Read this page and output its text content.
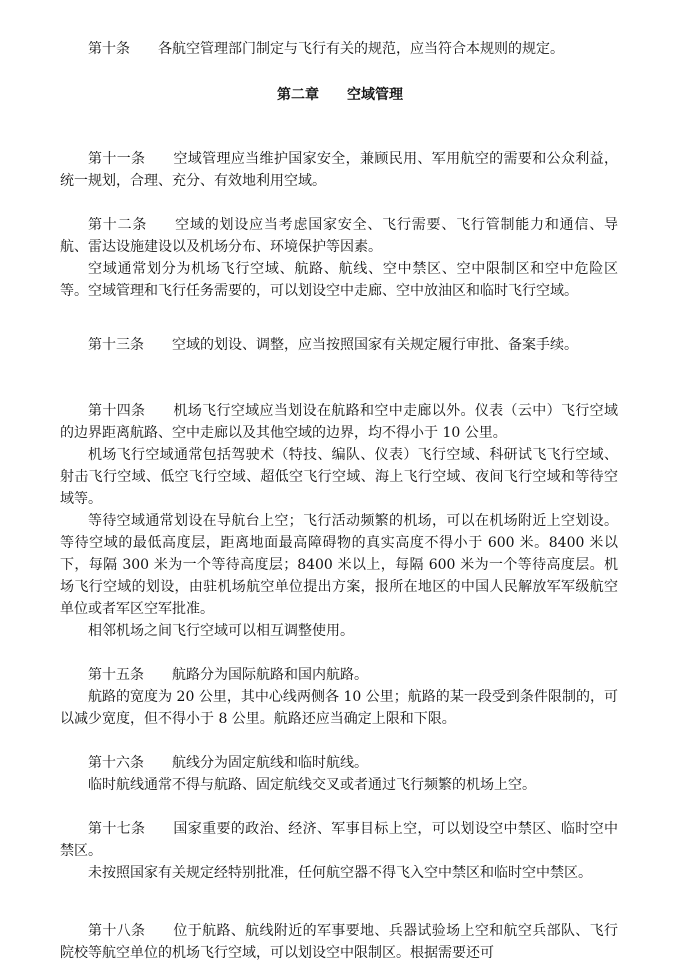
第十条 各航空管理部门制定与飞行有关的规范，应当符合本规则的规定。

第二章 空域管理

第十一条 空域管理应当维护国家安全，兼顾民用、军用航空的需要和公众利益，统一规划，合理、充分、有效地利用空域。

第十二条 空域的划设应当考虑国家安全、飞行需要、飞行管制能力和通信、导航、雷达设施建设以及机场分布、环境保护等因素。

空域通常划分为机场飞行空域、航路、航线、空中禁区、空中限制区和空中危险区等。空域管理和飞行任务需要的，可以划设空中走廊、空中放油区和临时飞行空域。

第十三条 空域的划设、调整，应当按照国家有关规定履行审批、备案手续。

第十四条 机场飞行空域应当划设在航路和空中走廊以外。仪表（云中）飞行空域的边界距离航路、空中走廊以及其他空域的边界，均不得小于 10 公里。

机场飞行空域通常包括驾驶术（特技、编队、仪表）飞行空域、科研试飞飞行空域、射击飞行空域、低空飞行空域、超低空飞行空域、海上飞行空域、夜间飞行空域和等待空域等。

等待空域通常划设在导航台上空；飞行活动频繁的机场，可以在机场附近上空划设。等待空域的最低高度层，距离地面最高障碍物的真实高度不得小于 600 米。8400 米以下，每隔 300 米为一个等待高度层；8400 米以上，每隔 600 米为一个等待高度层。机场飞行空域的划设，由驻机场航空单位提出方案，报所在地区的中国人民解放军军级航空单位或者军区空军批准。

相邻机场之间飞行空域可以相互调整使用。

第十五条 航路分为国际航路和国内航路。

航路的宽度为 20 公里，其中心线两侧各 10 公里；航路的某一段受到条件限制的，可以减少宽度，但不得小于 8 公里。航路还应当确定上限和下限。

第十六条 航线分为固定航线和临时航线。

临时航线通常不得与航路、固定航线交叉或者通过飞行频繁的机场上空。

第十七条 国家重要的政治、经济、军事目标上空，可以划设空中禁区、临时空中禁区。

未按照国家有关规定经特别批准，任何航空器不得飞入空中禁区和临时空中禁区。

第十八条 位于航路、航线附近的军事要地、兵器试验场上空和航空兵部队、飞行院校等航空单位的机场飞行空域，可以划设空中限制区。根据需要还可
